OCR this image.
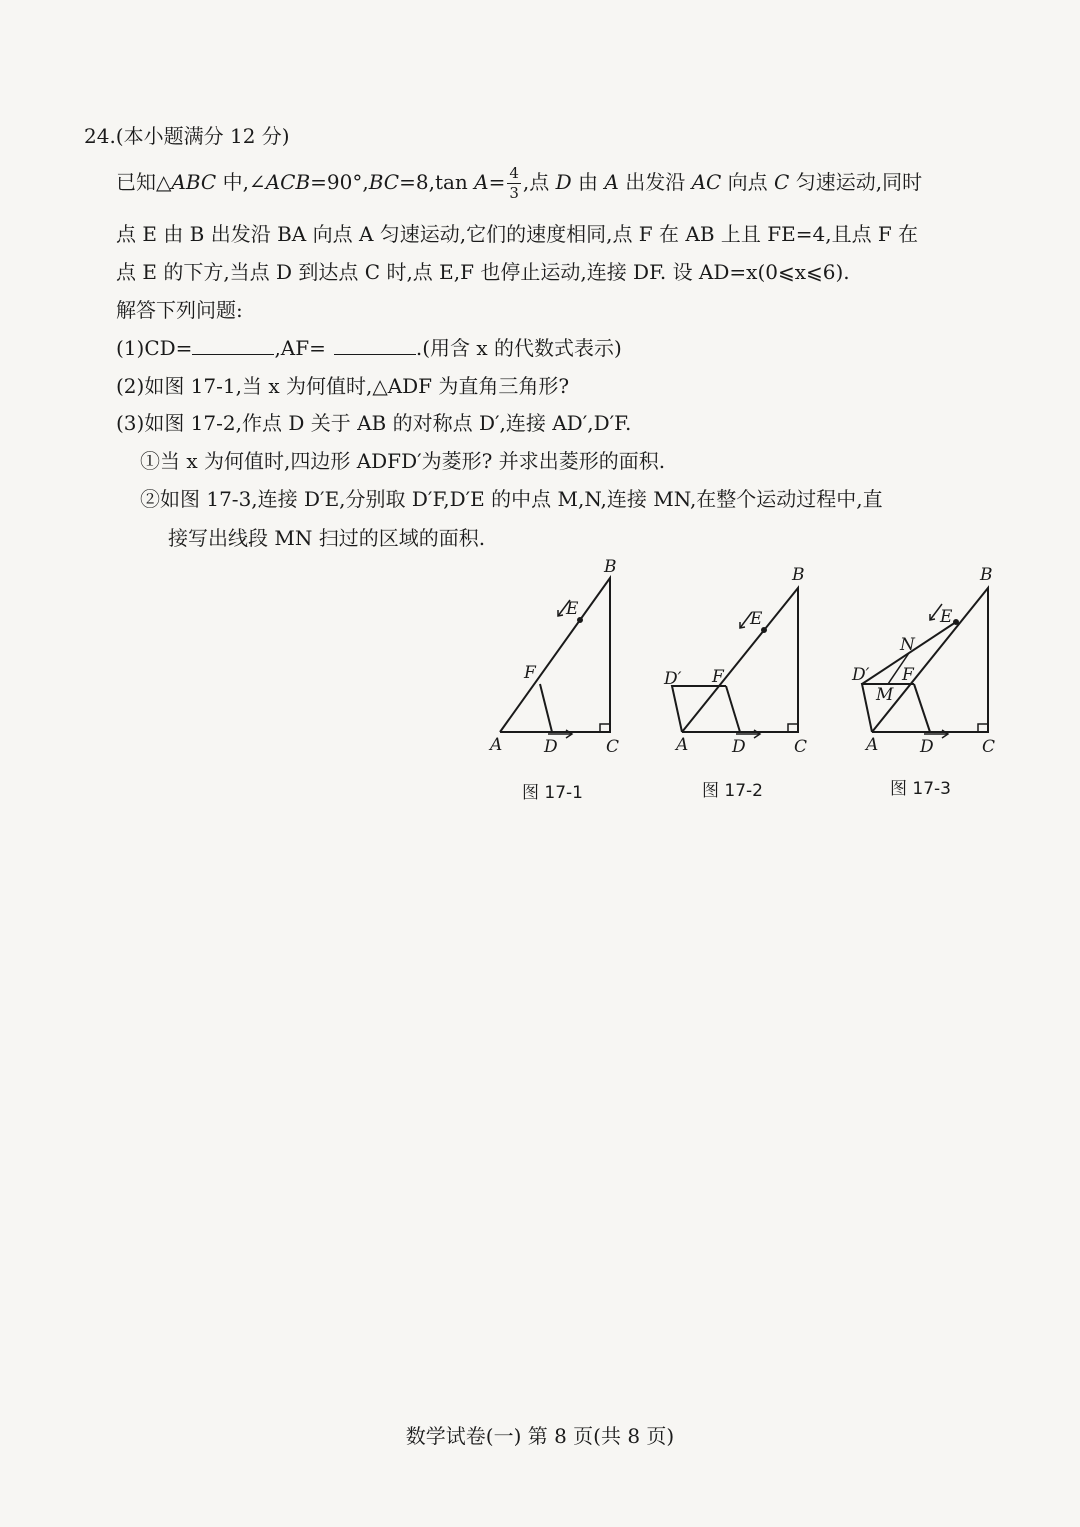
24.(本小题满分 12 分)
已知△ABC 中,∠ACB=90°,BC=8,tan $A= \frac{4}{3}$ ,点 D 由 A 出发沿 AC 向点 C 匀速运动,同时
点 E 由 B 出发沿 BA 向点 A 匀速运动,它们的速度相同,点 F 在 AB 上且 FE=4,且点 F 在
点 E 的下方,当点 D 到达点 C 时,点 E,F 也停止运动,连接 DF. 设 AD=x(0⩽x⩽6).
解答下列问题:
(1)CD=	,AF=	.(用含 x 的代数式表示)
(2)如图 17-1,当 x 为何值时,△ADF 为直角三角形?
(3)如图 17-2,作点 D 关于 AB 的对称点 D′,连接 AD′,D′F.
①当 x 为何值时,四边形 ADFD′为菱形? 并求出菱形的面积.
②如图 17-3,连接 D′E,分别取 D′F,D′E 的中点 M,N,连接 MN,在整个运动过程中,直
接写出线段 MN 扫过的区域的面积.
A
B
C
D
E
F
A
B
C
D
E
F
D′
A
B
C
D
E
F
D′
M
N
图 17-1	图 17-2	图 17-3
数学试卷(一) 第 8 页(共 8 页)
